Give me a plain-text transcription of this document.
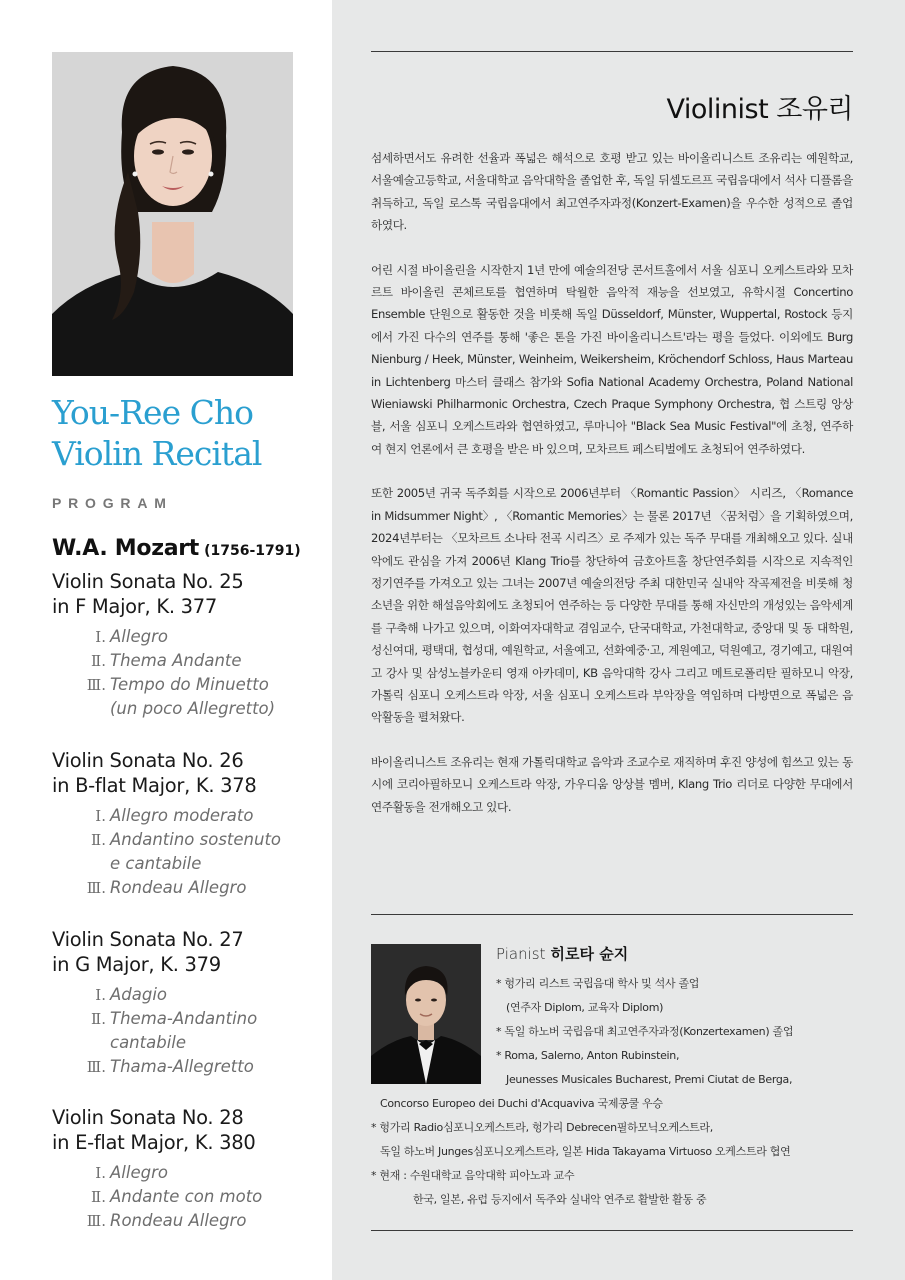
You-Ree Cho
Violin Recital
PROGRAM
W.A. Mozart (1756-1791)
Violin Sonata No. 25
in F Major, K. 377
Ⅰ. Allegro
Ⅱ. Thema Andante
Ⅲ. Tempo do Minuetto
(un poco Allegretto)
Violin Sonata No. 26
in B-flat Major, K. 378
Ⅰ. Allegro moderato
Ⅱ. Andantino sostenuto
e cantabile
Ⅲ. Rondeau Allegro
Violin Sonata No. 27
in G Major, K. 379
Ⅰ. Adagio
Ⅱ. Thema-Andantino
cantabile
Ⅲ. Thama-Allegretto
Violin Sonata No. 28
in E-flat Major, K. 380
Ⅰ. Allegro
Ⅱ. Andante con moto
Ⅲ. Rondeau Allegro
Violinist 조유리

섬세하면서도 유려한 선율과 폭넓은 해석으로 호평 받고 있는 바이올리니스트 조유리는 예원학교, 서울예술고등학교, 서울대학교 음악대학을 졸업한 후, 독일 뒤셀도르프 국립음대에서 석사 디플롬을 취득하고, 독일 로스톡 국립음대에서 최고연주자과정(Konzert-Examen)을 우수한 성적으로 졸업하였다.

어린 시절 바이올린을 시작한지 1년 만에 예술의전당 콘서트홀에서 서울 심포니 오케스트라와 모차르트 바이올린 콘체르토를 협연하며 탁월한 음악적 재능을 선보였고, 유학시절 Concertino Ensemble 단원으로 활동한 것을 비롯해 독일 Düsseldorf, Münster, Wuppertal, Rostock 등지에서 가진 다수의 연주를 통해 '좋은 톤을 가진 바이올리니스트'라는 평을 들었다. 이외에도 Burg Nienburg / Heek, Münster, Weinheim, Weikersheim, Kröchendorf Schloss, Haus Marteau in Lichtenberg 마스터 클래스 참가와 Sofia National Academy Orchestra, Poland National Wieniawski Philharmonic Orchestra, Czech Praque Symphony Orchestra, 협 스트링 앙상블, 서울 심포니 오케스트라와 협연하였고, 루마니아 "Black Sea Music Festival"에 초청, 연주하여 현지 언론에서 큰 호평을 받은 바 있으며, 모차르트 페스티벌에도 초청되어 연주하였다.

또한 2005년 귀국 독주회를 시작으로 2006년부터 〈Romantic Passion〉 시리즈, 〈Romance in Midsummer Night〉, 〈Romantic Memories〉는 물론 2017년 〈꿈처럼〉을 기획하였으며, 2024년부터는 〈모차르트 소나타 전곡 시리즈〉로 주제가 있는 독주 무대를 개최해오고 있다. 실내악에도 관심을 가져 2006년 Klang Trio를 창단하여 금호아트홀 창단연주회를 시작으로 지속적인 정기연주를 가져오고 있는 그녀는 2007년 예술의전당 주최 대한민국 실내악 작곡제전을 비롯해 청소년을 위한 해설음악회에도 초청되어 연주하는 등 다양한 무대를 통해 자신만의 개성있는 음악세계를 구축해 나가고 있으며, 이화여자대학교 겸임교수, 단국대학교, 가천대학교, 중앙대 및 동 대학원, 성신여대, 평택대, 협성대, 예원학교, 서울예고, 선화예중·고, 계원예고, 덕원예고, 경기예고, 대원여고 강사 및 삼성노블카운티 영재 아카데미, KB 음악대학 강사 그리고 메트로폴리탄 필하모니 악장, 가톨릭 심포니 오케스트라 악장, 서울 심포니 오케스트라 부악장을 역임하며 다방면으로 폭넓은 음악활동을 펼쳐왔다.

바이올리니스트 조유리는 현재 가톨릭대학교 음악과 조교수로 재직하며 후진 양성에 힘쓰고 있는 동시에 코리아필하모니 오케스트라 악장, 가우디움 앙상블 멤버, Klang Trio 리더로 다양한 무대에서 연주활동을 전개해오고 있다.

Pianist 히로타 슌지
* 헝가리 리스트 국립음대 학사 및 석사 졸업
(연주자 Diplom, 교육자 Diplom)
* 독일 하노버 국립음대 최고연주자과정(Konzertexamen) 졸업
* Roma, Salerno, Anton Rubinstein,
Jeunesses Musicales Bucharest, Premi Ciutat de Berga,
Concorso Europeo dei Duchi d'Acquaviva 국제콩쿨 우승
* 헝가리 Radio심포니오케스트라, 헝가리 Debrecen필하모닉오케스트라,
독일 하노버 Junges심포니오케스트라, 일본 Hida Takayama Virtuoso 오케스트라 협연
* 현재 : 수원대학교 음악대학 피아노과 교수
한국, 일본, 유럽 등지에서 독주와 실내악 연주로 활발한 활동 중
